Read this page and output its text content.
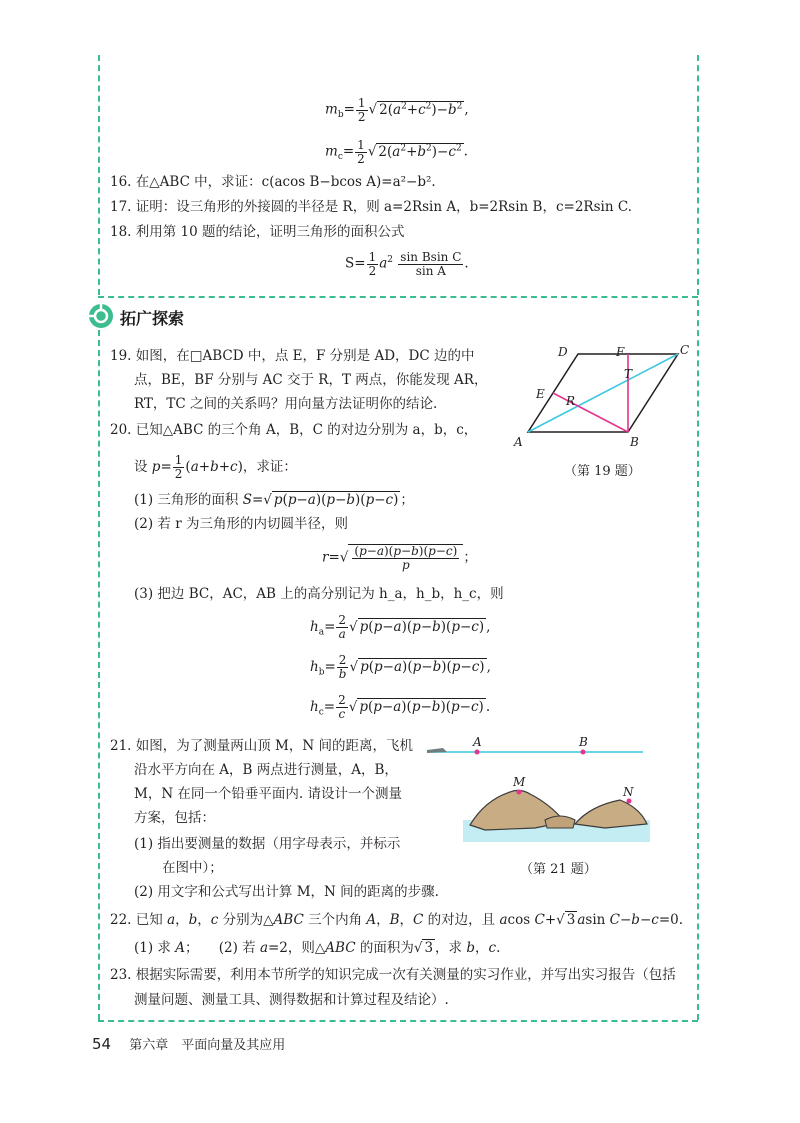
$m_b= \frac{1}{2}$ √ $2(a^2+c^2)-b^2$ ,
$m_c= \frac{1}{2}$ √ $2(a^2+b^2)-c^2$ .
16. 在△ABC 中，求证：c(acos B−bcos A)=a²−b².
17. 证明：设三角形的外接圆的半径是 R，则 a=2Rsin A，b=2Rsin B，c=2Rsin C.
18. 利用第 10 题的结论，证明三角形的面积公式
$S= \frac{1}{2} a^2 \frac{\text{sin Bsin C}}{\text{sin A}}$ .
拓广探索
19. 如图，在□ABCD 中，点 E，F 分别是 AD，DC 边的中
点，BE，BF 分别与 AC 交于 R，T 两点，你能发现 AR，
RT，TC 之间的关系吗？用向量方法证明你的结论.
A	B
C
D
E
F
R
T
（第 19 题）
20. 已知△ABC 的三个角 A，B，C 的对边分别为 a，b，c，
设 $p= \frac{1}{2} (a+b+c)$，求证：
(1) 三角形的面积 S=√ p(p−a)(p−b)(p−c) ；
(2) 若 r 为三角形的内切圆半径，则
$r=√ \frac{(p-a)(p-b)(p-c)}{p}$ ；
(3) 把边 BC，AC，AB 上的高分别记为 h_a，h_b，h_c，则
$h_a= \frac{2}{a}$ √ p(p−a)(p−b)(p−c) ,
$h_b= \frac{2}{b}$ √ p(p−a)(p−b)(p−c) ,
$h_c= \frac{2}{c}$ √ p(p−a)(p−b)(p−c) .
21. 如图，为了测量两山顶 M，N 间的距离，飞机
沿水平方向在 A，B 两点进行测量，A，B，
M，N 在同一个铅垂平面内. 请设计一个测量
方案，包括：
(1) 指出要测量的数据（用字母表示，并标示
在图中）；
(2) 用文字和公式写出计算 M，N 间的距离的步骤.
A	B
M
N
（第 21 题）
22. 已知 a，b，c 分别为△ABC 三个内角 A，B，C 的对边，且 acos C+√ 3 asin C−b−c=0.
(1) 求 A；　　(2) 若 a=2，则△ABC 的面积为√ 3 ，求 b，c.
23. 根据实际需要，利用本节所学的知识完成一次有关测量的实习作业，并写出实习报告（包括
测量问题、测量工具、测得数据和计算过程及结论）.
54 第六章　平面向量及其应用
